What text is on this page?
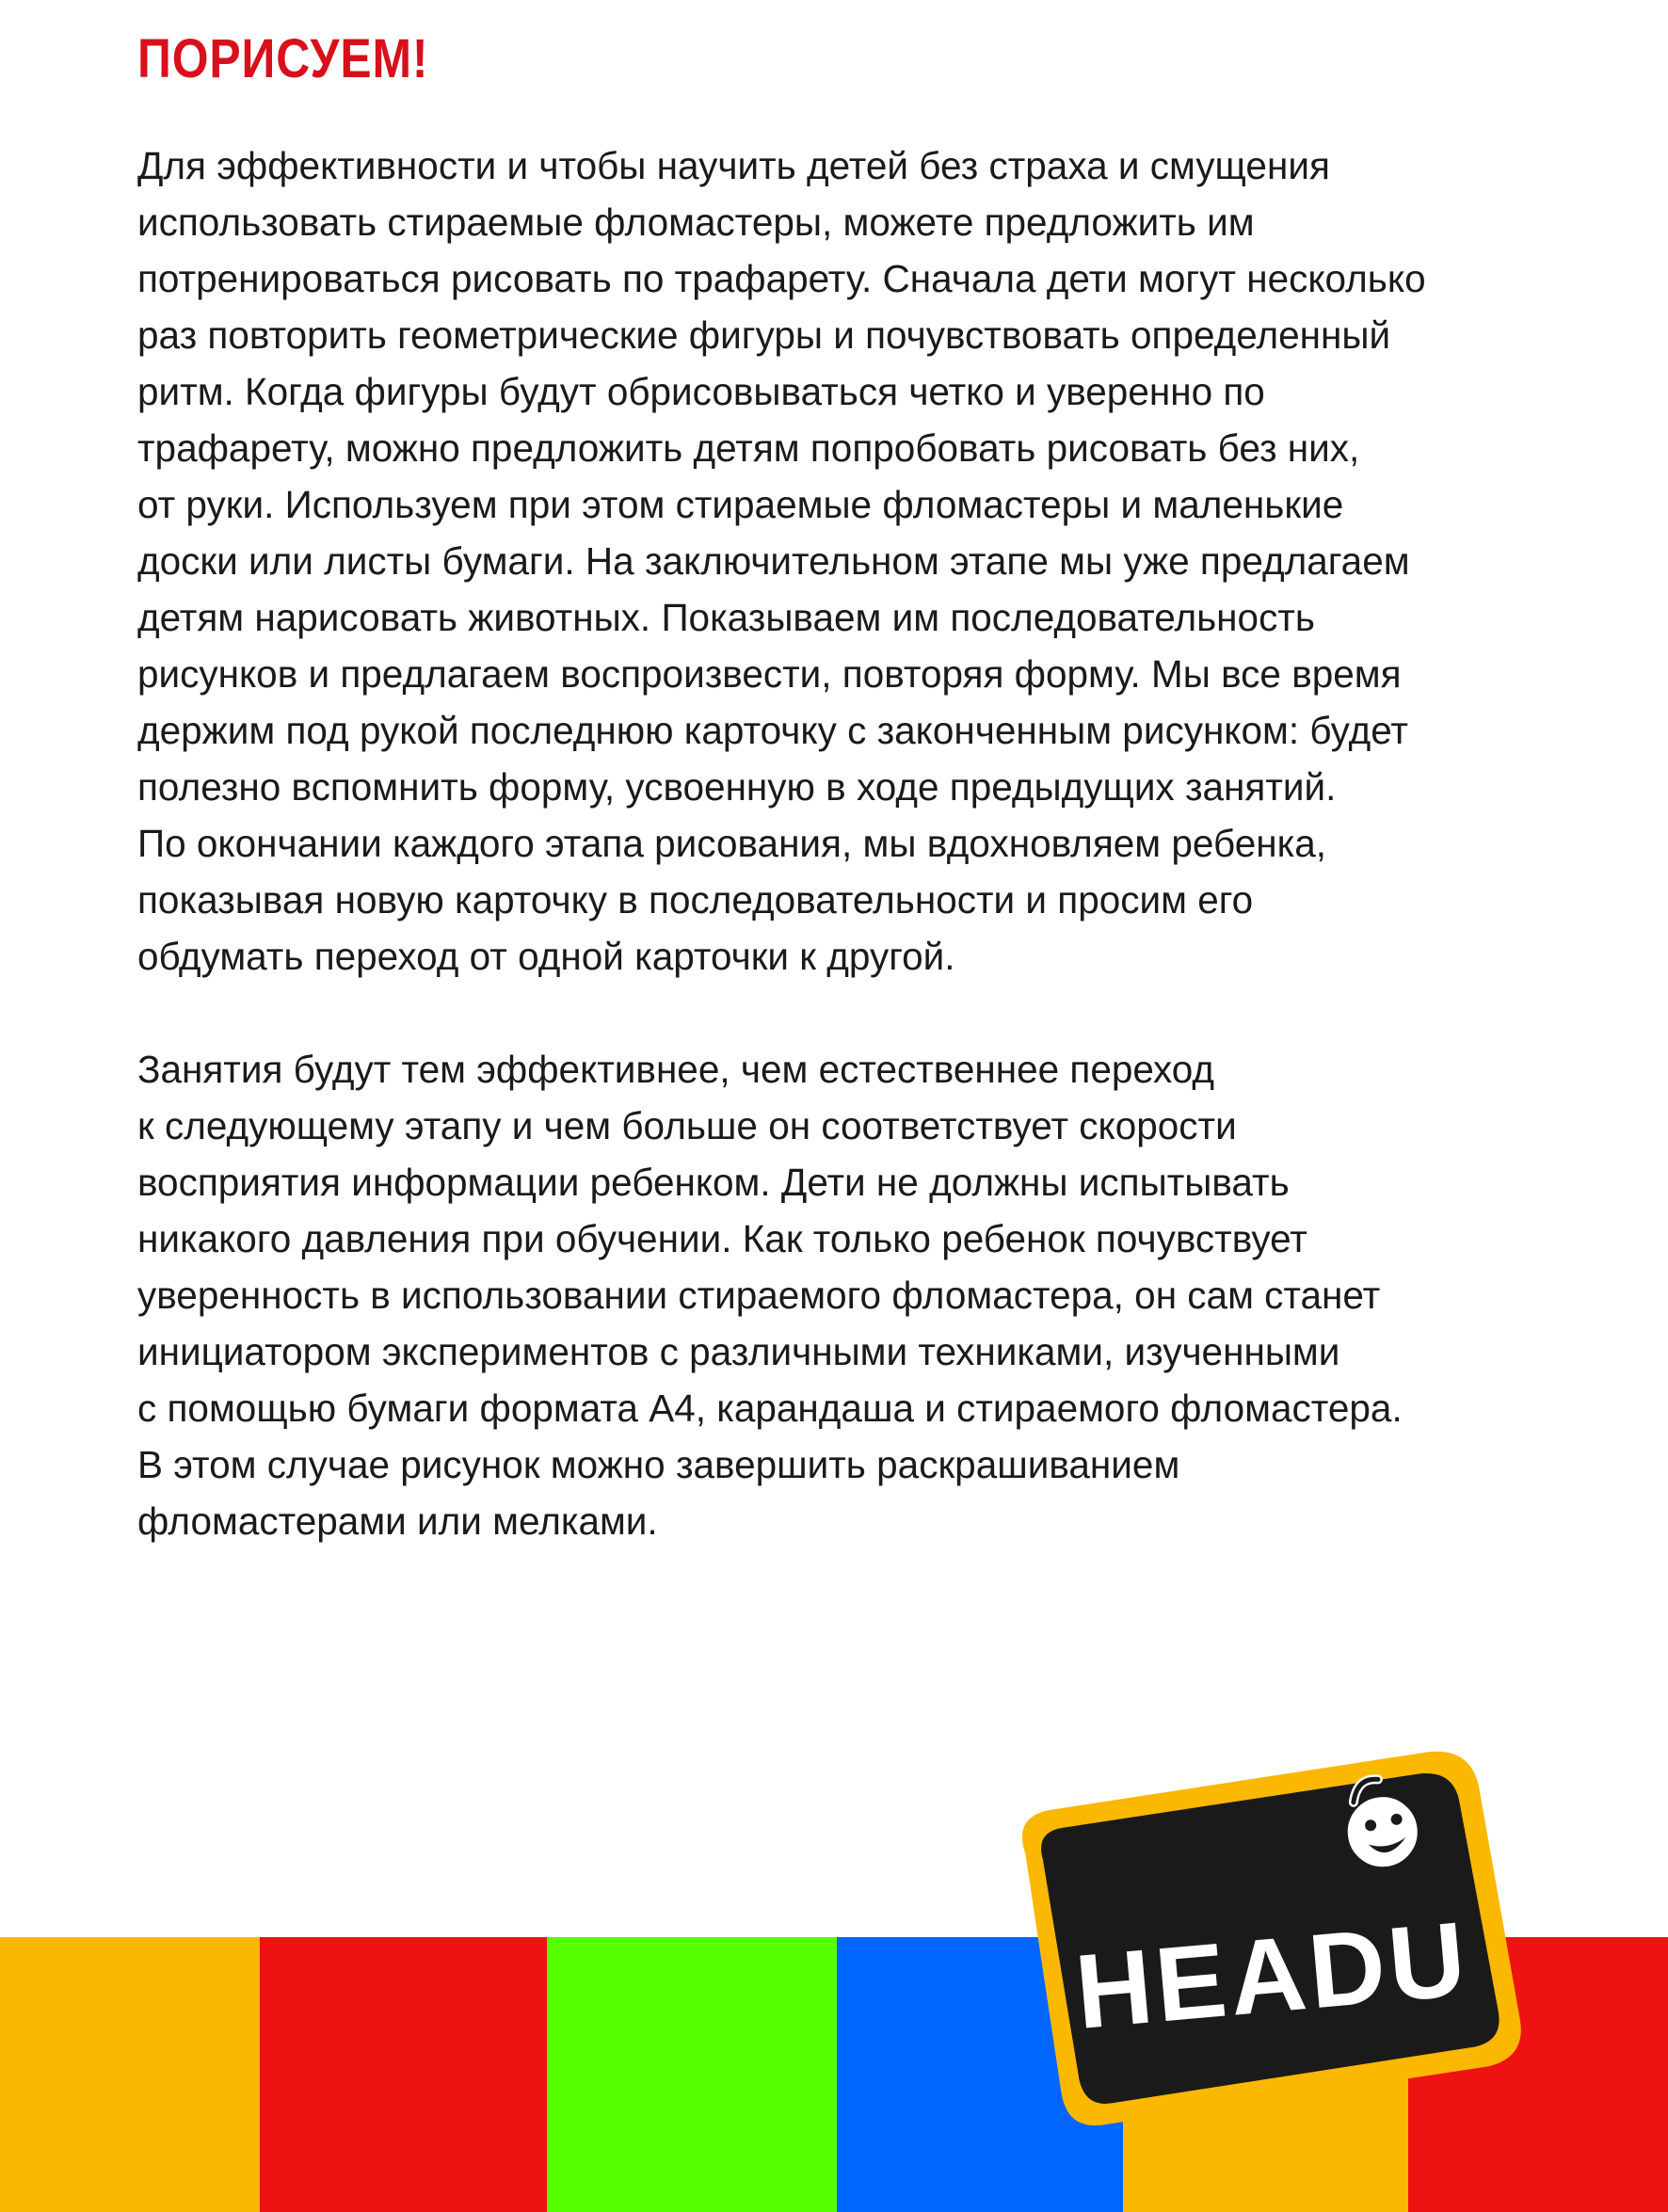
ПОРИСУЕМ!

Для эффективности и чтобы научить детей без страха и смущения
использовать стираемые фломастеры, можете предложить им
потренироваться рисовать по трафарету. Сначала дети могут несколько
раз повторить геометрические фигуры и почувствовать определенный
ритм. Когда фигуры будут обрисовываться четко и уверенно по
трафарету, можно предложить детям попробовать рисовать без них,
от руки. Используем при этом стираемые фломастеры и маленькие
доски или листы бумаги. На заключительном этапе мы уже предлагаем
детям нарисовать животных. Показываем им последовательность
рисунков и предлагаем воспроизвести, повторяя форму. Мы все время
держим под рукой последнюю карточку с законченным рисунком: будет
полезно вспомнить форму, усвоенную в ходе предыдущих занятий.
По окончании каждого этапа рисования, мы вдохновляем ребенка,
показывая новую карточку в последовательности и просим его
обдумать переход от одной карточки к другой.

Занятия будут тем эффективнее, чем естественнее переход
к следующему этапу и чем больше он соответствует скорости
восприятия информации ребенком. Дети не должны испытывать
никакого давления при обучении. Как только ребенок почувствует
уверенность в использовании стираемого фломастера, он сам станет
инициатором экспериментов с различными техниками, изученными
с помощью бумаги формата А4, карандаша и стираемого фломастера.
В этом случае рисунок можно завершить раскрашиванием
фломастерами или мелками.

HEADU
